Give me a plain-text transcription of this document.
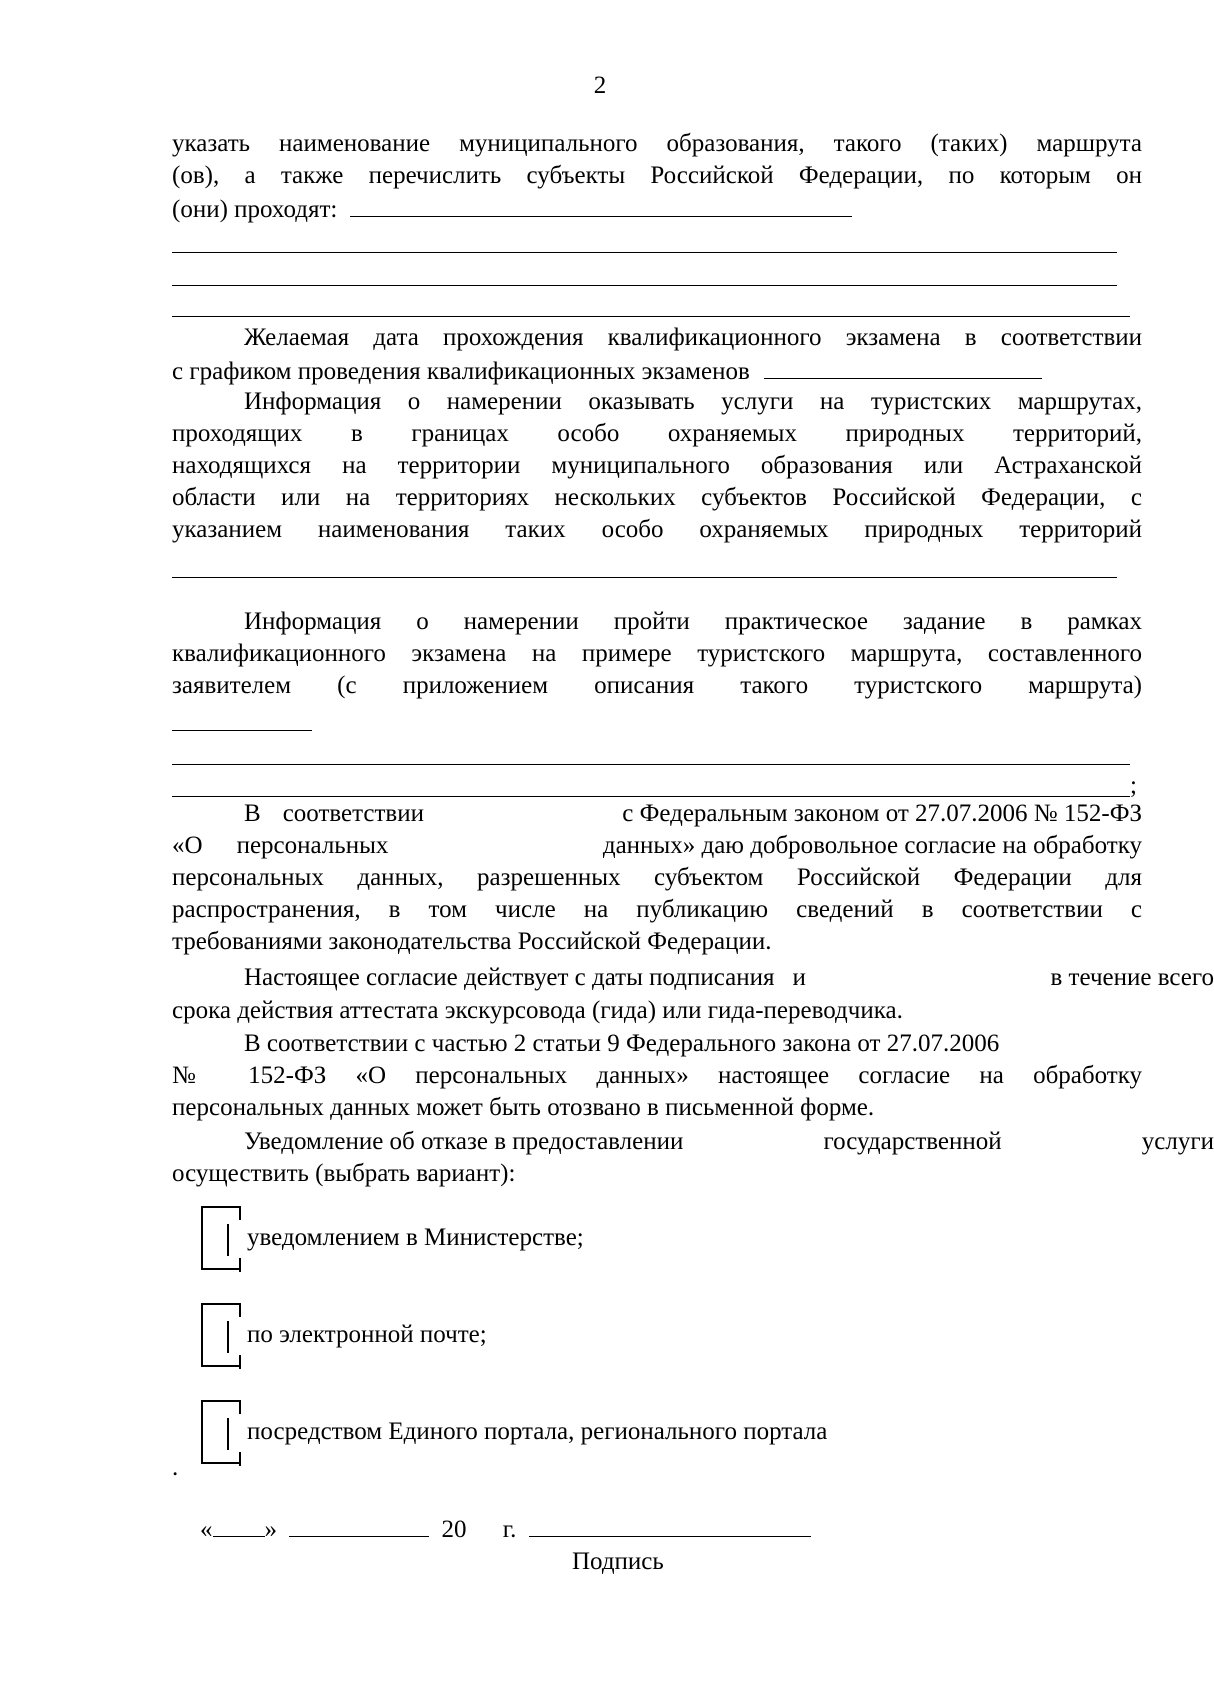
2
указать наименование муниципального образования, такого (таких) маршрута
(ов), а также перечислить субъекты Российской Федерации, по которым он
(они) проходят:
Желаемая дата прохождения квалификационного экзамена в соответствии
с графиком проведения квалификационных экзаменов
Информация о намерении оказывать услуги на туристских маршрутах,
проходящих в границах особо охраняемых природных территорий,
находящихся на территории муниципального образования или Астраханской
области или на территориях нескольких субъектов Российской Федерации, с
указанием наименования таких особо охраняемых природных территорий
Информация о намерении пройти практическое задание в рамках
квалификационного экзамена на примере туристского маршрута, составленного
заявителем (с приложением описания такого туристского маршрута)
;
В соответствии	с Федеральным законом от 27.07.2006 № 152-ФЗ
«О персональных	данных» даю добровольное согласие на обработку
персональных данных, разрешенных субъектом Российской Федерации для
распространения, в том числе на публикацию сведений в соответствии с
требованиями законодательства Российской Федерации.
Настоящее согласие действует с даты подписания и	в течение всего
срока действия аттестата экскурсовода (гида) или гида-переводчика.
В соответствии с частью 2 статьи 9 Федерального закона от 27.07.2006
№ 152-ФЗ «О персональных данных» настоящее согласие на обработку
персональных данных может быть отозвано в письменной форме.
Уведомление об отказе в предоставлении	государственной	услуги
осуществить (выбрать вариант):
уведомлением в Министерстве;
по электронной почте;
посредством Единого портала, регионального портала
.
« »	20 г.
Подпись
